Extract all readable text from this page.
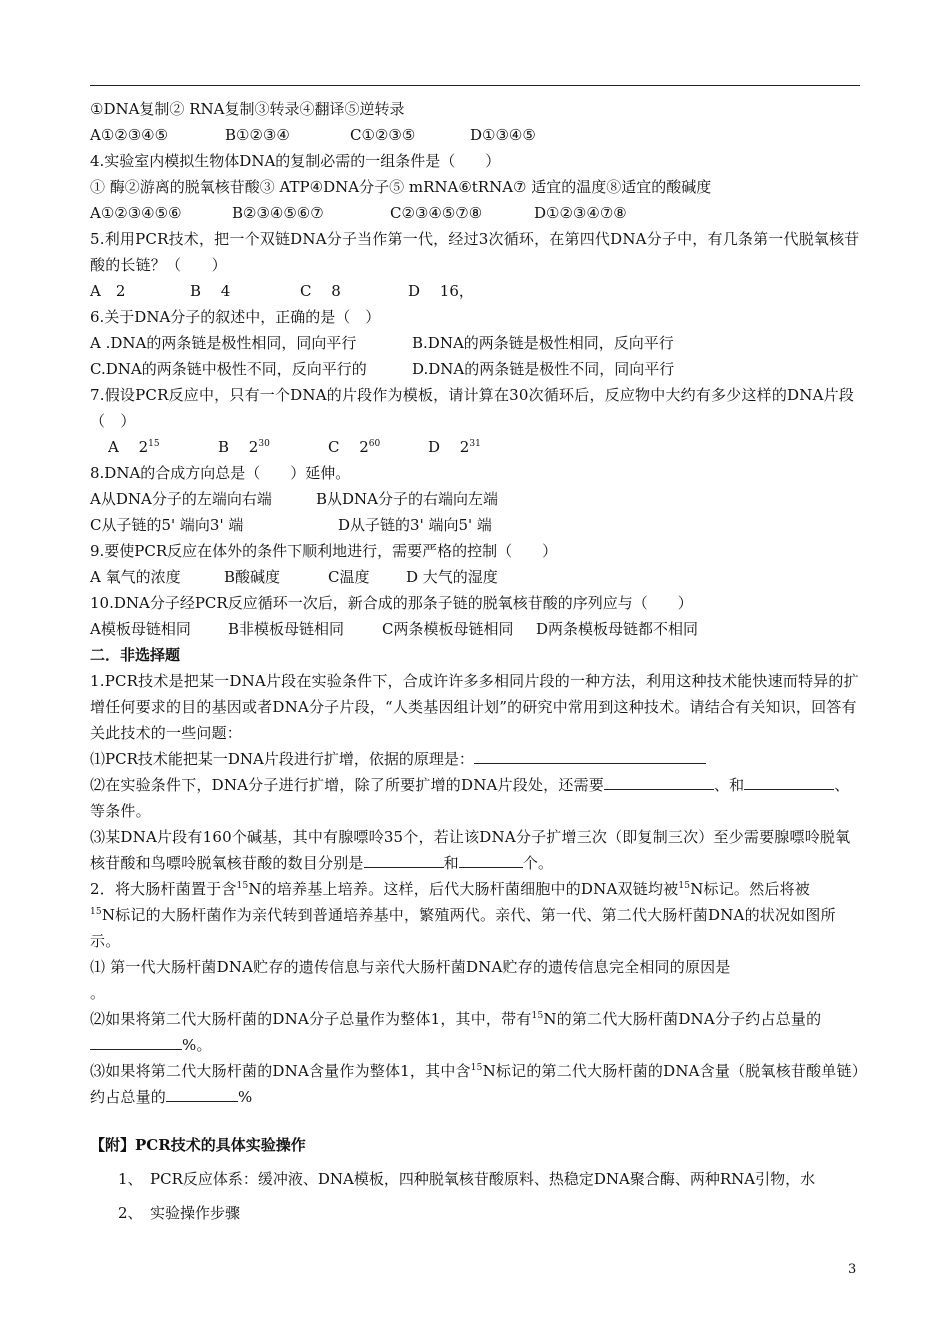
①DNA复制② RNA复制③转录④翻译⑤逆转录
A①②③④⑤	B①②③④	C①②③⑤	D①③④⑤
4.实验室内模拟生物体DNA的复制必需的一组条件是（　　）
① 酶②游离的脱氧核苷酸③ ATP④DNA分子⑤ mRNA⑥tRNA⑦ 适宜的温度⑧适宜的酸碱度
A①②③④⑤⑥	B②③④⑤⑥⑦	C②③④⑤⑦⑧	D①②③④⑦⑧
5.利用PCR技术，把一个双链DNA分子当作第一代，经过3次循环，在第四代DNA分子中，有几条第一代脱氧核苷酸的长链？（　　）
A　2	B　 4	C　 8	D　 16，
6.关于DNA分子的叙述中，正确的是（　）
A .DNA的两条链是极性相同，同向平行	B.DNA的两条链是极性相同，反向平行
C.DNA的两条链中极性不同，反向平行的	D.DNA的两条链是极性不同，同向平行
7.假设PCR反应中，只有一个DNA的片段作为模板，请计算在30次循环后，反应物中大约有多少这样的DNA片段（　）
A　 $2^{15}$	B　 $2^{30}$	C　 $2^{60}$	D　 $2^{31}$
8.DNA的合成方向总是（　　）延伸。
A从DNA分子的左端向右端	B从DNA分子的右端向左端
C从子链的5' 端向3' 端	D从子链的3' 端向5' 端
9.要使PCR反应在体外的条件下顺利地进行，需要严格的控制（　　）
A 氧气的浓度	B酸碱度	C温度 D 大气的湿度
10.DNA分子经PCR反应循环一次后，新合成的那条子链的脱氧核苷酸的序列应与（　　）
A模板母链相同 B非模板母链相同	C两条模板母链相同 D两条模板母链都不相同
二．非选择题
1.PCR技术是把某一DNA片段在实验条件下，合成许许多多相同片段的一种方法，利用这种技术能快速而特异的扩增任何要求的目的基因或者DNA分子片段，“人类基因组计划”的研究中常用到这种技术。请结合有关知识，回答有关此技术的一些问题：
⑴PCR技术能把某一DNA片段进行扩增，依据的原理是：
⑵在实验条件下，DNA分子进行扩增，除了所要扩增的DNA片段处，还需要	、和	、
等条件。
⑶某DNA片段有160个碱基，其中有腺嘌呤35个，若让该DNA分子扩增三次（即复制三次）至少需要腺嘌呤脱氧核苷酸和鸟嘌呤脱氧核苷酸的数目分别是	和	个。
2．将大肠杆菌置于含$^{15}$N的培养基上培养。这样，后代大肠杆菌细胞中的DNA双链均被$^{15}$N标记。然后将被
$^{15}$N标记的大肠杆菌作为亲代转到普通培养基中，繁殖两代。亲代、第一代、第二代大肠杆菌DNA的状况如图所示。
⑴ 第一代大肠杆菌DNA贮存的遗传信息与亲代大肠杆菌DNA贮存的遗传信息完全相同的原因是
。
⑵如果将第二代大肠杆菌的DNA分子总量作为整体1，其中，带有$^{15}$N的第二代大肠杆菌DNA分子约占总量的%。
⑶如果将第二代大肠杆菌的DNA含量作为整体1，其中含$^{15}$N标记的第二代大肠杆菌的DNA含量（脱氧核苷酸单链）约占总量的	%
【附】PCR技术的具体实验操作
1、　PCR反应体系：缓冲液、DNA模板，四种脱氧核苷酸原料、热稳定DNA聚合酶、两种RNA引物，水
2、　实验操作步骤
3
